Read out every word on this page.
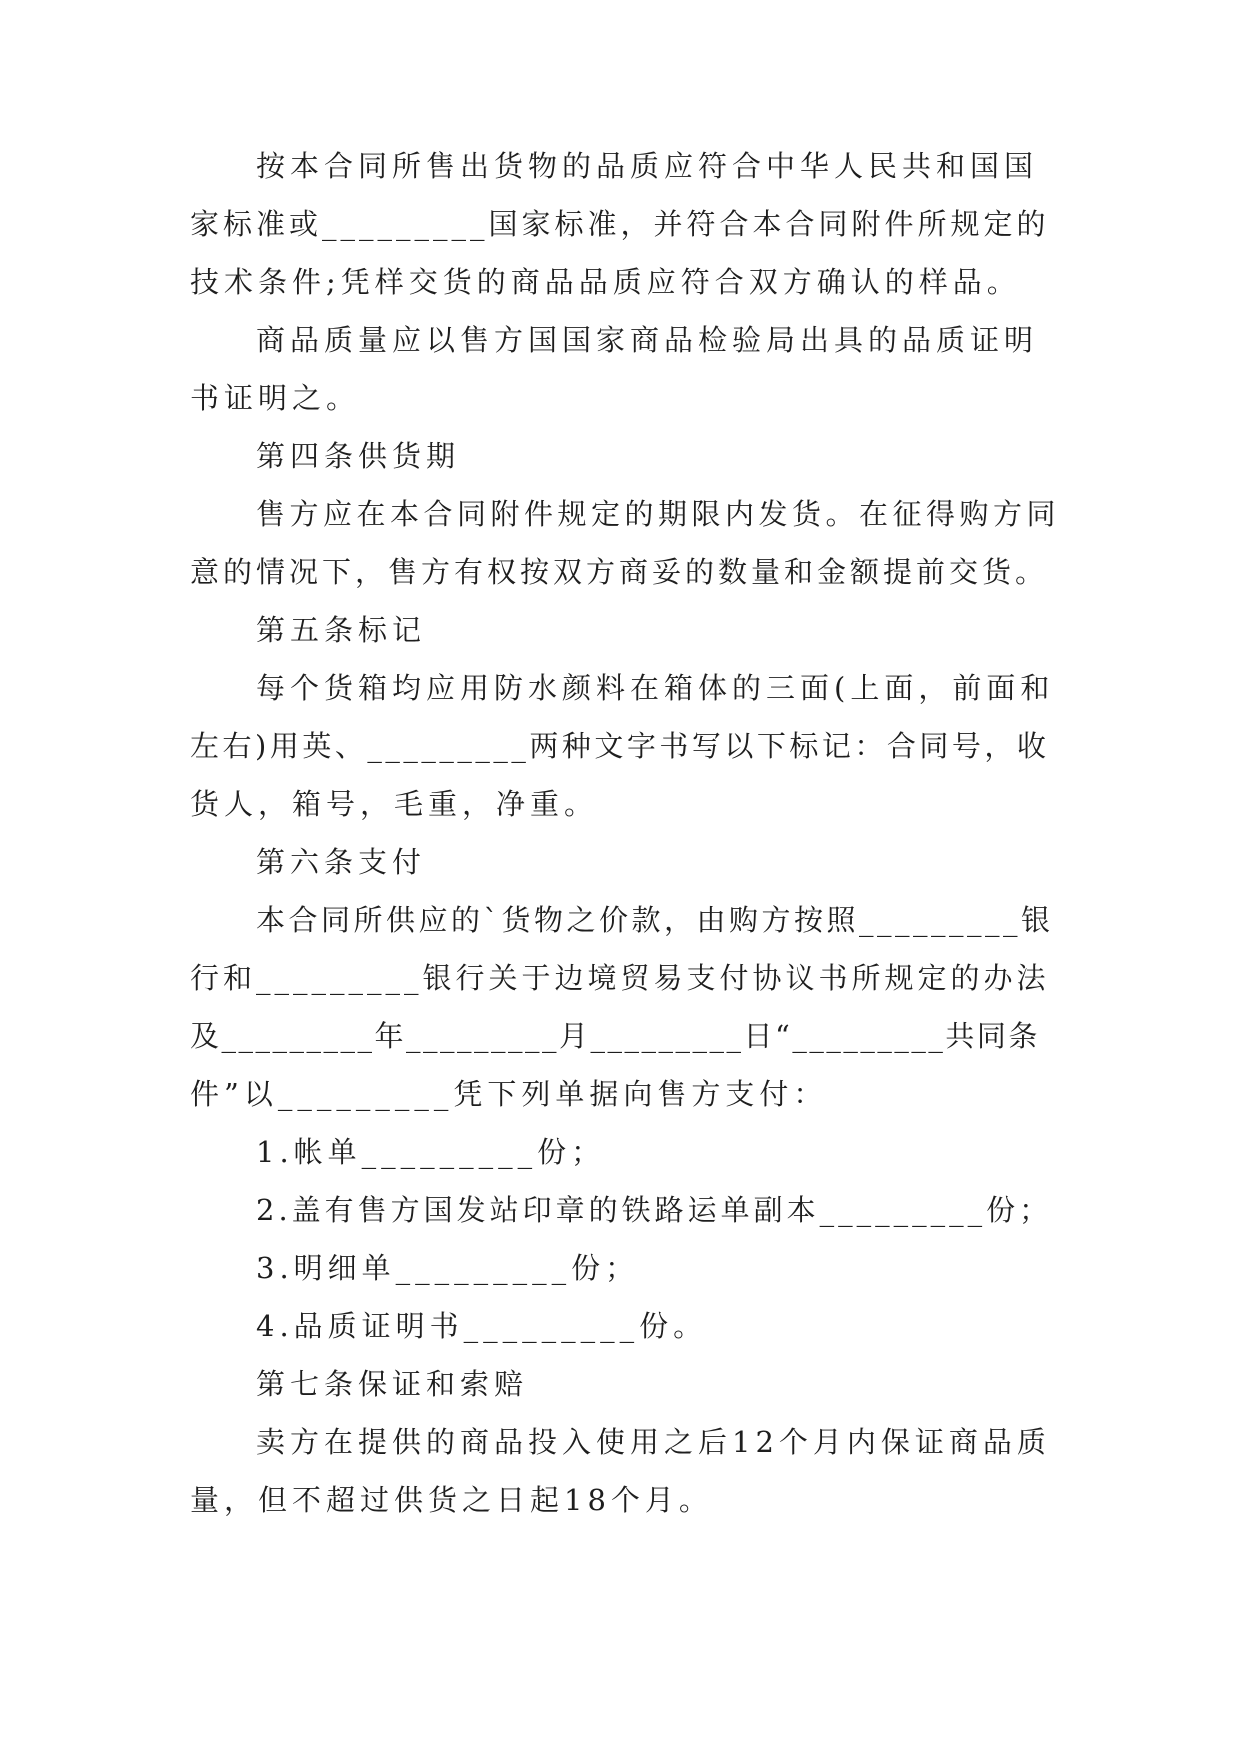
按本合同所售出货物的品质应符合中华人民共和国国
家标准或_________国家标准，并符合本合同附件所规定的
技术条件;凭样交货的商品品质应符合双方确认的样品。
商品质量应以售方国国家商品检验局出具的品质证明
书证明之。
第四条供货期
售方应在本合同附件规定的期限内发货。在征得购方同
意的情况下，售方有权按双方商妥的数量和金额提前交货。
第五条标记
每个货箱均应用防水颜料在箱体的三面(上面，前面和
左右)用英、_________两种文字书写以下标记：合同号，收
货人，箱号，毛重，净重。
第六条支付
本合同所供应的`货物之价款，由购方按照_________银
行和_________银行关于边境贸易支付协议书所规定的办法
及_________年_________月_________日“_________共同条
件”以_________凭下列单据向售方支付：
1.帐单_________份；
2.盖有售方国发站印章的铁路运单副本_________份；
3.明细单_________份；
4.品质证明书_________份。
第七条保证和索赔
卖方在提供的商品投入使用之后12个月内保证商品质
量，但不超过供货之日起18个月。
